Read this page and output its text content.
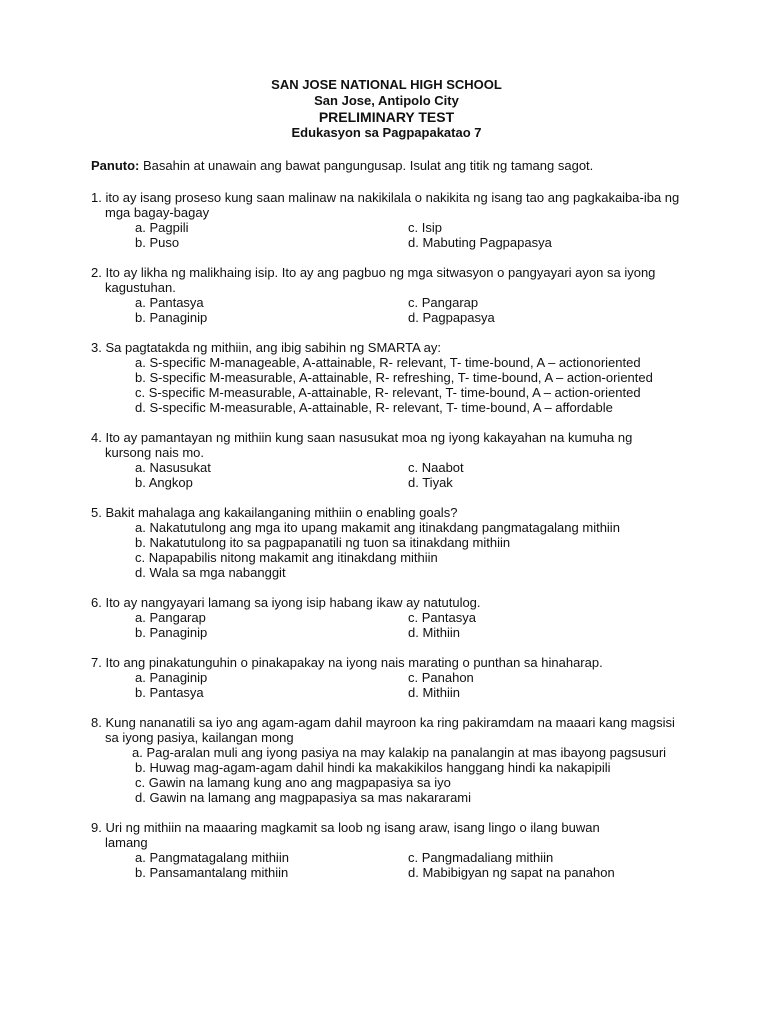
SAN JOSE NATIONAL HIGH SCHOOL
San Jose, Antipolo City
PRELIMINARY TEST
Edukasyon sa Pagpapakatao 7
Panuto: Basahin at unawain ang bawat pangungusap. Isulat ang titik ng tamang sagot.
1. ito ay isang proseso kung saan malinaw na nakikilala o nakikita ng isang tao ang pagkakaiba-iba ng mga bagay-bagay
a. Pagpili	c. Isip
b. Puso	d. Mabuting Pagpapasya
2. Ito ay likha ng malikhaing isip. Ito ay ang pagbuo ng mga sitwasyon o pangyayari ayon sa iyong kagustuhan.
a. Pantasya	c. Pangarap
b. Panaginip	d. Pagpapasya
3. Sa pagtatakda ng mithiin, ang ibig sabihin ng SMARTA ay:
a. S-specific M-manageable, A-attainable, R- relevant, T- time-bound, A – actionoriented
b. S-specific M-measurable, A-attainable, R- refreshing, T- time-bound, A – action-oriented
c. S-specific M-measurable, A-attainable, R- relevant, T- time-bound, A – action-oriented
d. S-specific M-measurable, A-attainable, R- relevant, T- time-bound, A – affordable
4. Ito ay pamantayan ng mithiin kung saan nasusukat moa ng iyong kakayahan na kumuha ng kursong nais mo.
a. Nasusukat	c. Naabot
b. Angkop	d. Tiyak
5. Bakit mahalaga ang kakailanganing mithiin o enabling goals?
a. Nakatutulong ang mga ito upang makamit ang itinakdang pangmatagalang mithiin
b. Nakatutulong ito sa pagpapanatili ng tuon sa itinakdang mithiin
c. Napapabilis nitong makamit ang itinakdang mithiin
d. Wala sa mga nabanggit
6. Ito ay nangyayari lamang sa iyong isip habang ikaw ay natutulog.
a. Pangarap	c. Pantasya
b. Panaginip	d. Mithiin
7. Ito ang pinakatunguhin o pinakapakay na iyong nais marating o punthan sa hinaharap.
a. Panaginip	c. Panahon
b. Pantasya	d. Mithiin
8. Kung nananatili sa iyo ang agam-agam dahil mayroon ka ring pakiramdam na maaari kang magsisi sa iyong pasiya, kailangan mong
a. Pag-aralan muli ang iyong pasiya na may kalakip na panalangin at mas ibayong pagsusuri
b. Huwag mag-agam-agam dahil hindi ka makakikilos hanggang hindi ka nakapipili
c. Gawin na lamang kung ano ang magpapasiya sa iyo
d. Gawin na lamang ang magpapasiya sa mas nakararami
9. Uri ng mithiin na maaaring magkamit sa loob ng isang araw, isang lingo o ilang buwan lamang
a. Pangmatagalang mithiin	c. Pangmadaliang mithiin
b. Pansamantalang mithiin	d. Mabibigyan ng sapat na panahon
